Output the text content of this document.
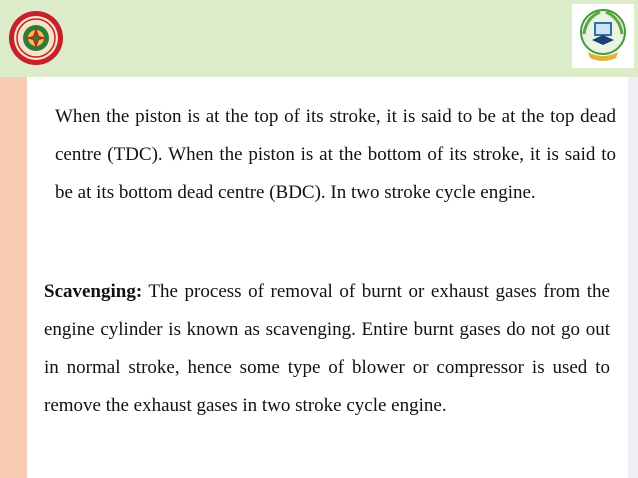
When the piston is at the top of its stroke, it is said to be at the top dead centre (TDC). When the piston is at the bottom of its stroke, it is said to be at its bottom dead centre (BDC). In two stroke cycle engine.

Scavenging: The process of removal of burnt or exhaust gases from the engine cylinder is known as scavenging. Entire burnt gases do not go out in normal stroke, hence some type of blower or compressor is used to remove the exhaust gases in two stroke cycle engine.
